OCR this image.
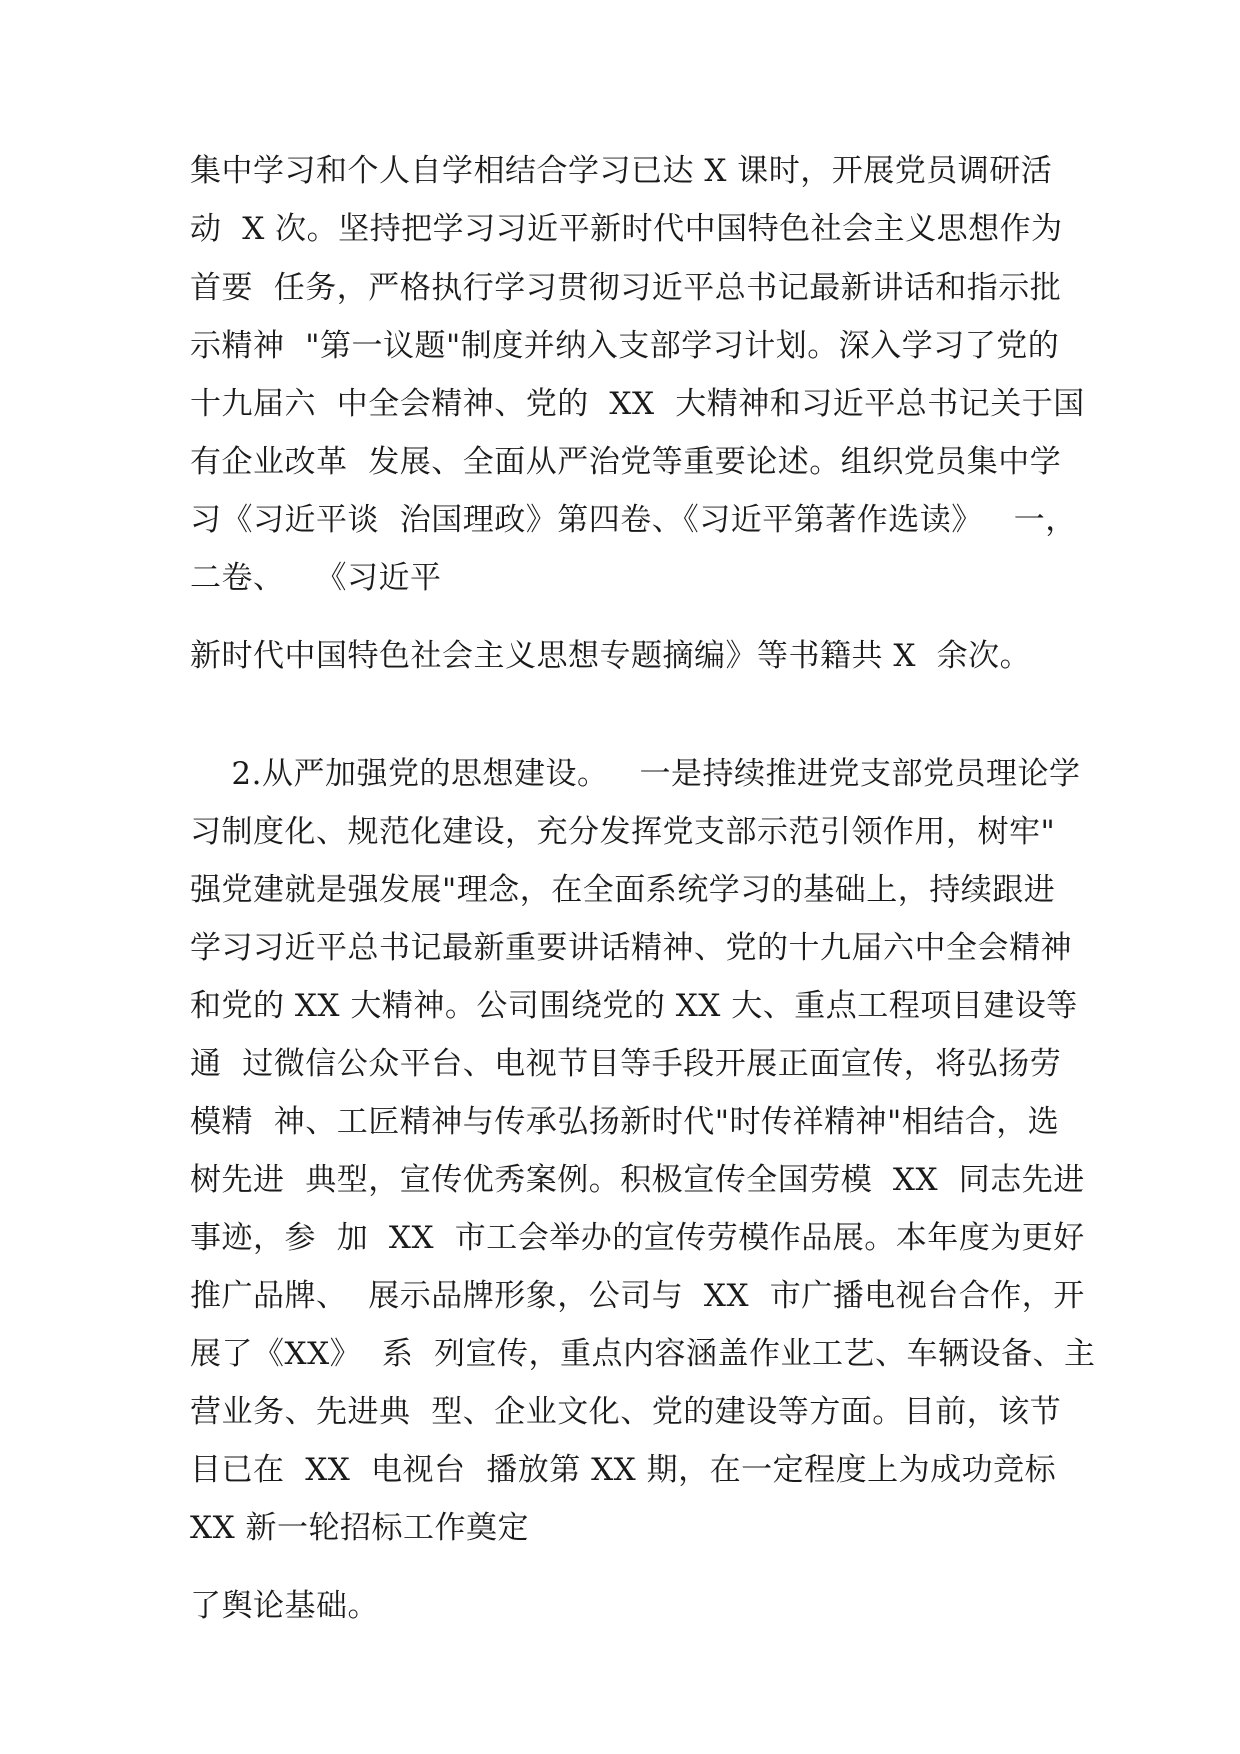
集中学习和个人自学相结合学习已达 X 课时，开展党员调研活
动  X 次。坚持把学习习近平新时代中国特色社会主义思想作为
首要  任务，严格执行学习贯彻习近平总书记最新讲话和指示批
示精神  "第一议题"制度并纳入支部学习计划。深入学习了党的
十九届六  中全会精神、党的  XX  大精神和习近平总书记关于国
有企业改革  发展、全面从严治党等重要论述。组织党员集中学
习《习近平谈  治国理政》第四卷、《习近平第著作选读》   一，
二卷、   《习近平
新时代中国特色社会主义思想专题摘编》等书籍共 X  余次。
2.从严加强党的思想建设。   一是持续推进党支部党员理论学
习制度化、规范化建设，充分发挥党支部示范引领作用，树牢"
强党建就是强发展"理念，在全面系统学习的基础上，持续跟进
学习习近平总书记最新重要讲话精神、党的十九届六中全会精神
和党的 XX 大精神。公司围绕党的 XX 大、重点工程项目建设等
通  过微信公众平台、电视节目等手段开展正面宣传，将弘扬劳
模精  神、工匠精神与传承弘扬新时代"时传祥精神"相结合，选
树先进  典型，宣传优秀案例。积极宣传全国劳模  XX  同志先进
事迹，参  加  XX  市工会举办的宣传劳模作品展。本年度为更好
推广品牌、  展示品牌形象，公司与  XX  市广播电视台合作，开
展了《XX》  系  列宣传，重点内容涵盖作业工艺、车辆设备、主
营业务、先进典  型、企业文化、党的建设等方面。目前，该节
目已在  XX  电视台  播放第 XX 期，在一定程度上为成功竞标
XX 新一轮招标工作奠定
了舆论基础。
